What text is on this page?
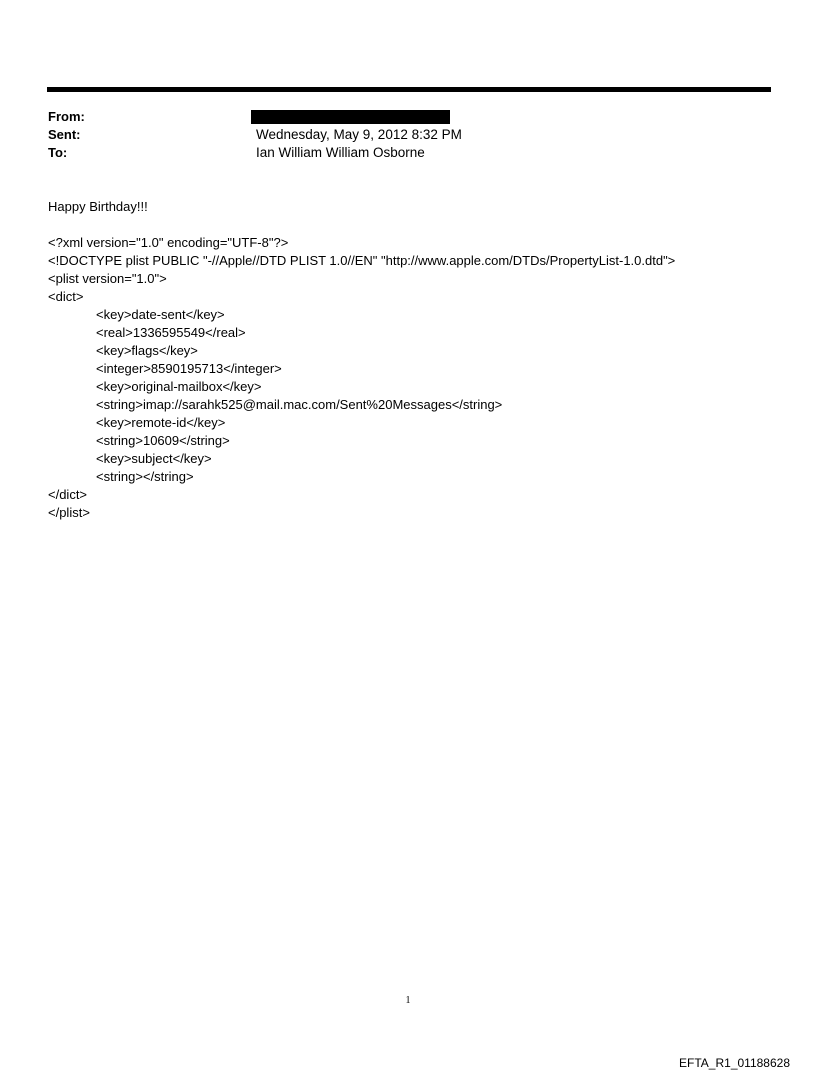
From:
Sent:	Wednesday, May 9, 2012 8:32 PM
To:	Ian William William Osborne
Happy Birthday!!!
<?xml version="1.0" encoding="UTF-8"?>
<!DOCTYPE plist PUBLIC "-//Apple//DTD PLIST 1.0//EN" "http://www.apple.com/DTDs/PropertyList-1.0.dtd">
<plist version="1.0">
<dict>
<key>date-sent</key>
<real>1336595549</real>
<key>flags</key>
<integer>8590195713</integer>
<key>original-mailbox</key>
<string>imap://sarahk525@mail.mac.com/Sent%20Messages</string>
<key>remote-id</key>
<string>10609</string>
<key>subject</key>
<string></string>
</dict>
</plist>
1
EFTA_R1_01188628
